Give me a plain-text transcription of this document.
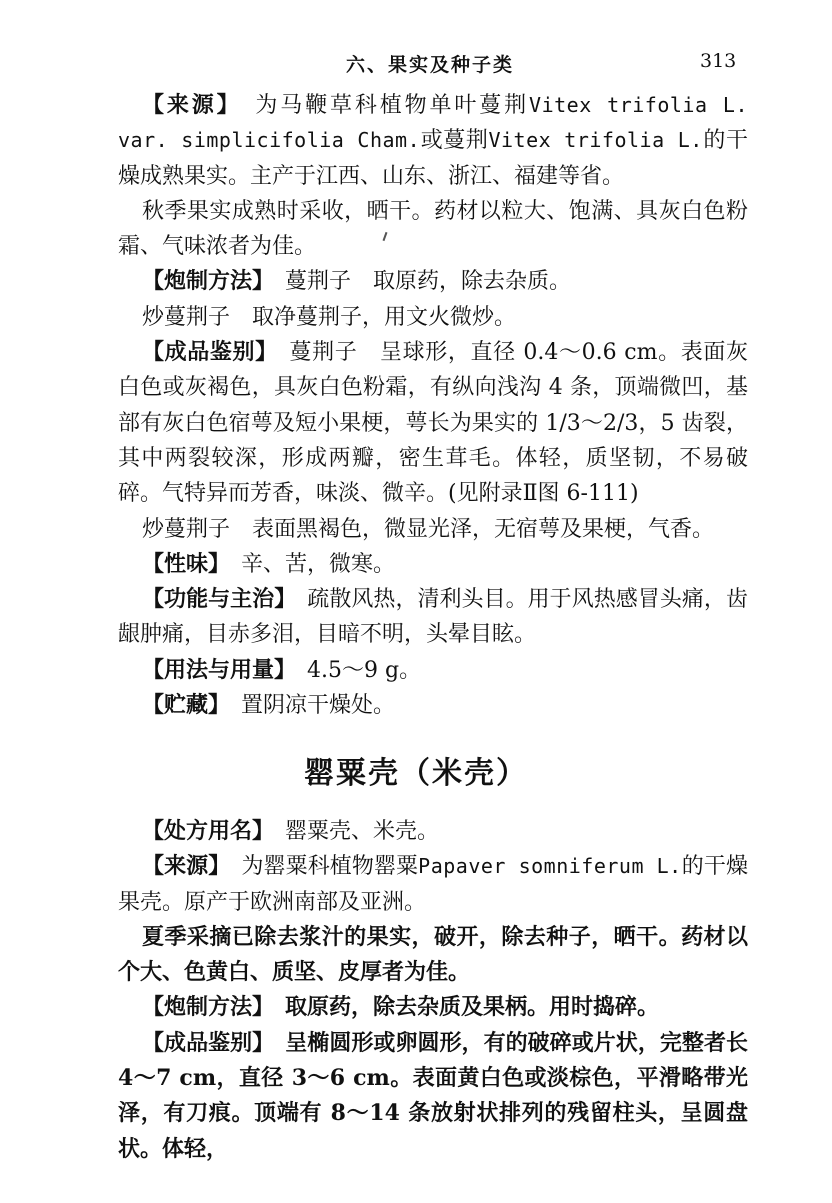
六、果实及种子类	313

【来源】　 为马鞭草科植物单叶蔓荆Vitex trifolia L. var. simplicifolia Cham.或蔓荆Vitex trifolia L.的干燥成熟果实。主产于江西、山东、浙江、福建等省。

秋季果实成熟时采收，晒干。药材以粒大、饱满、具灰白色粉霜、气味浓者为佳。

【炮制方法】　 蔓荆子　取原药，除去杂质。

炒蔓荆子　取净蔓荆子，用文火微炒。

【成品鉴别】　 蔓荆子　呈球形，直径 0.4～0.6 cm。表面灰白色或灰褐色，具灰白色粉霜，有纵向浅沟 4 条，顶端微凹，基部有灰白色宿萼及短小果梗，萼长为果实的 1/3～2/3，5 齿裂，其中两裂较深，形成两瓣，密生茸毛。体轻，质坚韧，不易破碎。气特异而芳香，味淡、微辛。(见附录Ⅱ图 6-111)

炒蔓荆子　表面黑褐色，微显光泽，无宿萼及果梗，气香。

【性味】　 辛、苦，微寒。

【功能与主治】　 疏散风热，清利头目。用于风热感冒头痛，齿龈肿痛，目赤多泪，目暗不明，头晕目眩。

【用法与用量】　 4.5～9 g。

【贮藏】　 置阴凉干燥处。

罂粟壳（米壳）

【处方用名】　 罂粟壳、米壳。

【来源】　 为罂粟科植物罂粟Papaver somniferum L.的干燥果壳。原产于欧洲南部及亚洲。

夏季采摘已除去浆汁的果实，破开，除去种子，晒干。药材以个大、色黄白、质坚、皮厚者为佳。

【炮制方法】　 取原药，除去杂质及果柄。用时捣碎。

【成品鉴别】　 呈椭圆形或卵圆形，有的破碎或片状，完整者长 4～7 cm，直径 3～6 cm。表面黄白色或淡棕色，平滑略带光泽，有刀痕。顶端有 8～14 条放射状排列的残留柱头，呈圆盘状。体轻，
